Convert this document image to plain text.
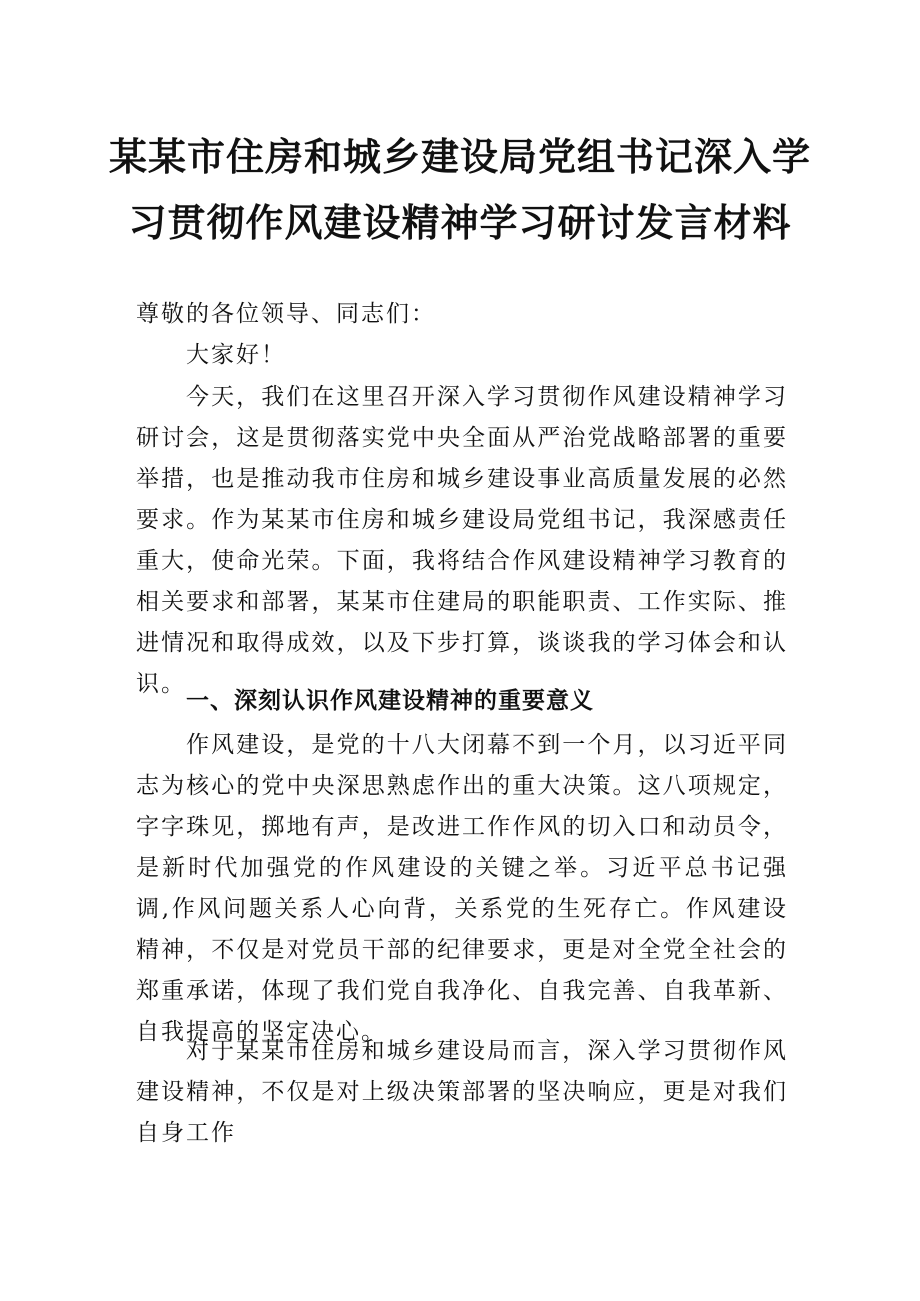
某某市住房和城乡建设局党组书记深入学
习贯彻作风建设精神学习研讨发言材料

尊敬的各位领导、同志们：

大家好！

今天，我们在这里召开深入学习贯彻作风建设精神学习研讨会，这是贯彻落实党中央全面从严治党战略部署的重要举措，也是推动我市住房和城乡建设事业高质量发展的必然要求。作为某某市住房和城乡建设局党组书记，我深感责任重大，使命光荣。下面，我将结合作风建设精神学习教育的相关要求和部署，某某市住建局的职能职责、工作实际、推进情况和取得成效，以及下步打算，谈谈我的学习体会和认识。

一、深刻认识作风建设精神的重要意义

作风建设，是党的十八大闭幕不到一个月，以习近平同志为核心的党中央深思熟虑作出的重大决策。这八项规定，字字珠见，掷地有声，是改进工作作风的切入口和动员令，是新时代加强党的作风建设的关键之举。习近平总书记强调,作风问题关系人心向背，关系党的生死存亡。作风建设精神，不仅是对党员干部的纪律要求，更是对全党全社会的郑重承诺，体现了我们党自我净化、自我完善、自我革新、自我提高的坚定决心。

对于某某市住房和城乡建设局而言，深入学习贯彻作风建设精神，不仅是对上级决策部署的坚决响应，更是对我们自身工作
